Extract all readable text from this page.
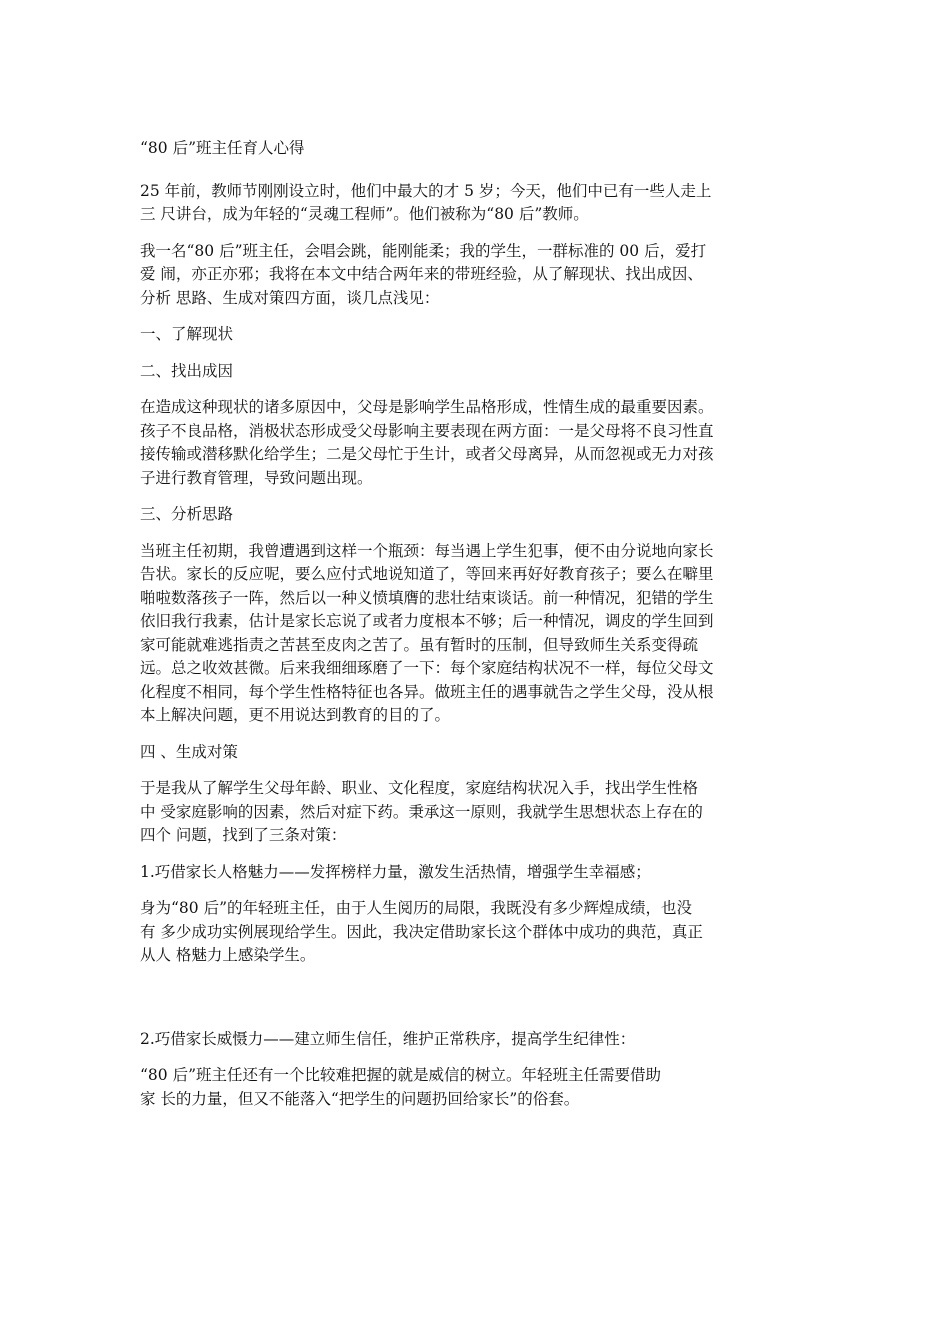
“80 后”班主任育人心得

25 年前，教师节刚刚设立时，他们中最大的才 5 岁；今天，他们中已有一些人走上
三 尺讲台，成为年轻的“灵魂工程师”。他们被称为“80 后”教师。

我一名“80 后”班主任，会唱会跳，能刚能柔；我的学生，一群标准的 00 后，爱打
爱 闹，亦正亦邪；我将在本文中结合两年来的带班经验，从了解现状、找出成因、
分析 思路、生成对策四方面，谈几点浅见：

一、了解现状

二、找出成因

在造成这种现状的诸多原因中，父母是影响学生品格形成，性情生成的最重要因素。
孩子不良品格，消极状态形成受父母影响主要表现在两方面：一是父母将不良习性直
接传输或潜移默化给学生；二是父母忙于生计，或者父母离异，从而忽视或无力对孩
子进行教育管理，导致问题出现。

三、分析思路

当班主任初期，我曾遭遇到这样一个瓶颈：每当遇上学生犯事，便不由分说地向家长
告状。家长的反应呢，要么应付式地说知道了，等回来再好好教育孩子；要么在噼里
啪啦数落孩子一阵，然后以一种义愤填膺的悲壮结束谈话。前一种情况，犯错的学生
依旧我行我素，估计是家长忘说了或者力度根本不够；后一种情况，调皮的学生回到
家可能就难逃指责之苦甚至皮肉之苦了。虽有暂时的压制，但导致师生关系变得疏
远。总之收效甚微。后来我细细琢磨了一下：每个家庭结构状况不一样，每位父母文
化程度不相同，每个学生性格特征也各异。做班主任的遇事就告之学生父母，没从根
本上解决问题，更不用说达到教育的目的了。

四 、生成对策

于是我从了解学生父母年龄、职业、文化程度，家庭结构状况入手，找出学生性格
中 受家庭影响的因素，然后对症下药。秉承这一原则，我就学生思想状态上存在的
四个 问题，找到了三条对策：

1.巧借家长人格魅力——发挥榜样力量，激发生活热情，增强学生幸福感；

身为“80 后”的年轻班主任，由于人生阅历的局限，我既没有多少辉煌成绩，也没
有 多少成功实例展现给学生。因此，我决定借助家长这个群体中成功的典范，真正
从人 格魅力上感染学生。

2.巧借家长威慑力——建立师生信任，维护正常秩序，提高学生纪律性：

“80 后”班主任还有一个比较难把握的就是威信的树立。年轻班主任需要借助
家 长的力量，但又不能落入“把学生的问题扔回给家长”的俗套。
